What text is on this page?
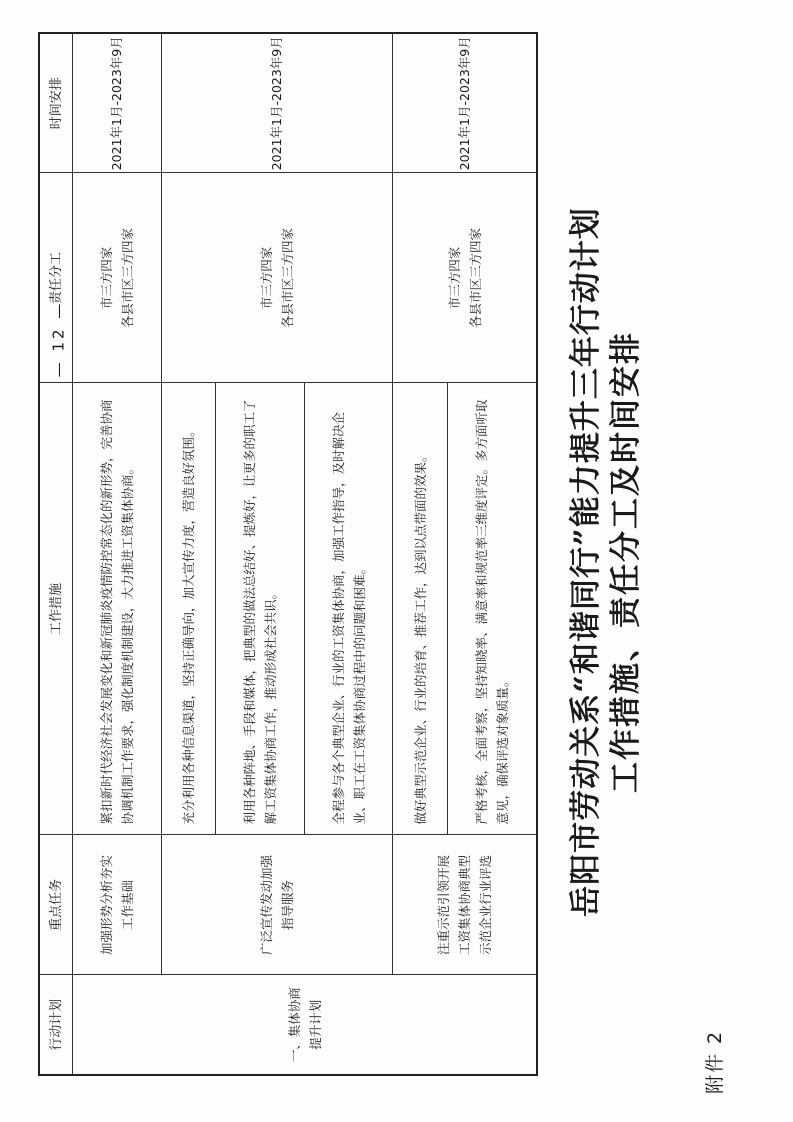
附件 2
行动计划	重点任务	工作措施	责任分工	时间安排

一、集体协商 提升计划	加强形势分析夯实工作基础	紧扣新时代经济社会发展变化和新冠肺炎疫情防控常态化的新形势，完善协商协调机制工作要求，强化制度机制建设，大力推进工资集体协商。	市三方四家 各县市区三方四家	2021年1月-2023年9月
	广泛宣传发动加强指导服务	充分利用各种信息渠道，坚持正确导向，加大宣传力度，营造良好氛围。	市三方四家 各县市区三方四家	2021年1月-2023年9月
		利用各种阵地、手段和媒体，把典型的做法总结好、提炼好，让更多的职工了解工资集体协商工作，推动形成社会共识。		
		全程参与各个典型企业、行业的工资集体协商，加强工作指导，及时解决企业、职工在工资集体协商过程中的问题和困难。		
	注重示范引领开展工资集体协商典型示范企业行业评选	做好典型示范企业、行业的培育、推荐工作，达到以点带面的效果。	市三方四家 各县市区三方四家	2021年1月-2023年9月
		严格考核，全面考察，坚持知晓率、满意率和规范率三维度评定。多方面听取意见，确保评选对象质量。		岳阳市劳动关系“和谐同行”能力提升三年行动计划 工作措施、责任分工及时间安排
— 12 —
